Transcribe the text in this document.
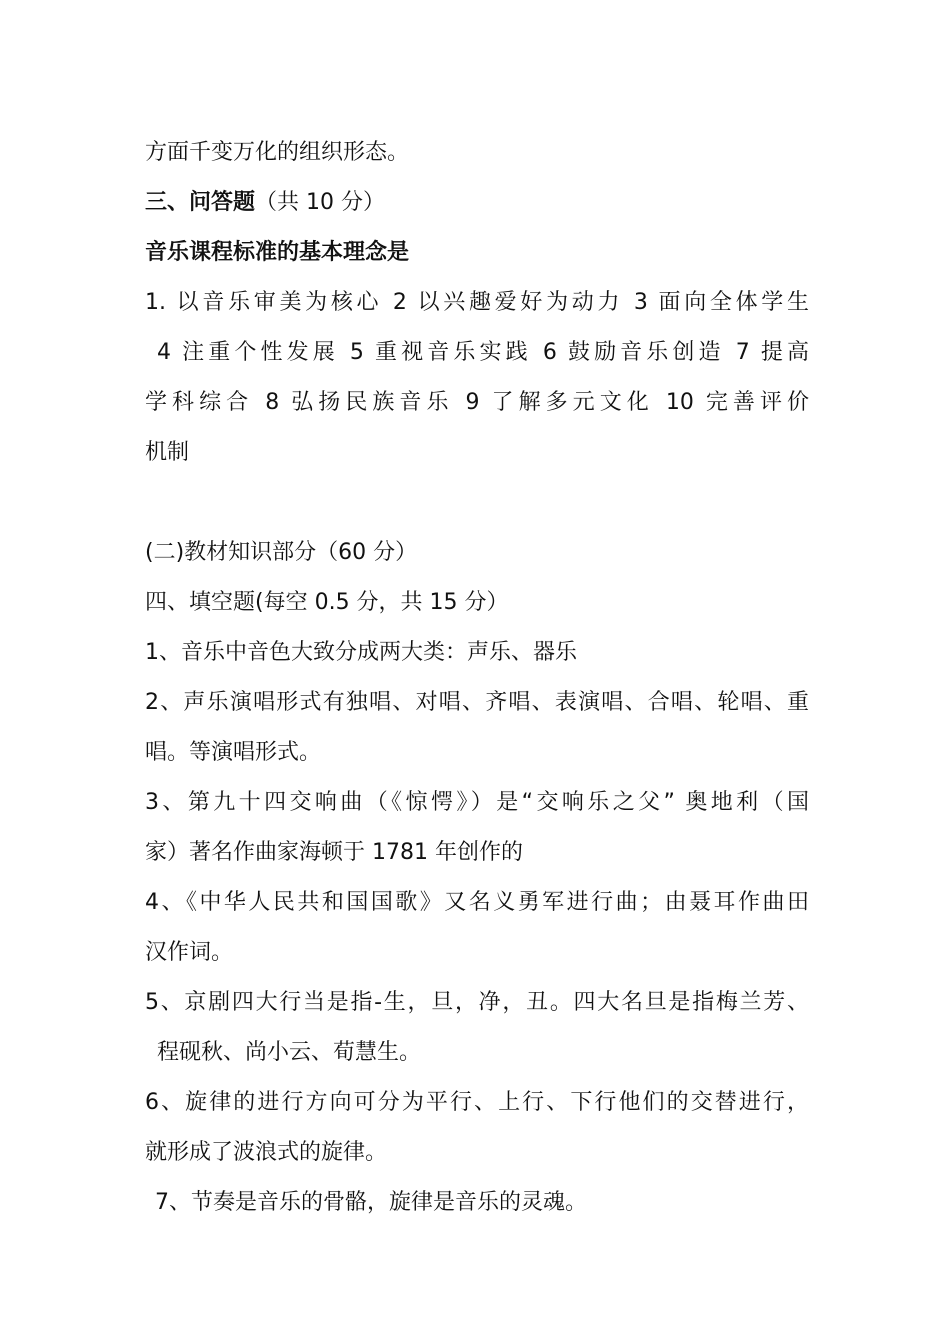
方面千变万化的组织形态。
三、问答题（共 10 分）
音乐课程标准的基本理念是
1. 以音乐审美为核心 2 以兴趣爱好为动力 3 面向全体学生
4 注重个性发展 5 重视音乐实践 6 鼓励音乐创造 7 提高
学科综合 8 弘扬民族音乐 9 了解多元文化 10 完善评价
机制
(二)教材知识部分（60 分）
四、填空题(每空 0.5 分，共 15 分）
1、音乐中音色大致分成两大类：声乐、器乐
2、声乐演唱形式有独唱、对唱、齐唱、表演唱、合唱、轮唱、重
唱。等演唱形式。
3、第九十四交响曲（《惊愕》）是“交响乐之父” 奥地利（国
家）著名作曲家海顿于 1781 年创作的
4、《中华人民共和国国歌》又名义勇军进行曲；由聂耳作曲田
汉作词。
5、京剧四大行当是指-生，旦，净，丑。四大名旦是指梅兰芳、
程砚秋、尚小云、荀慧生。
6、旋律的进行方向可分为平行、上行、下行他们的交替进行，
就形成了波浪式的旋律。
7、节奏是音乐的骨骼，旋律是音乐的灵魂。
